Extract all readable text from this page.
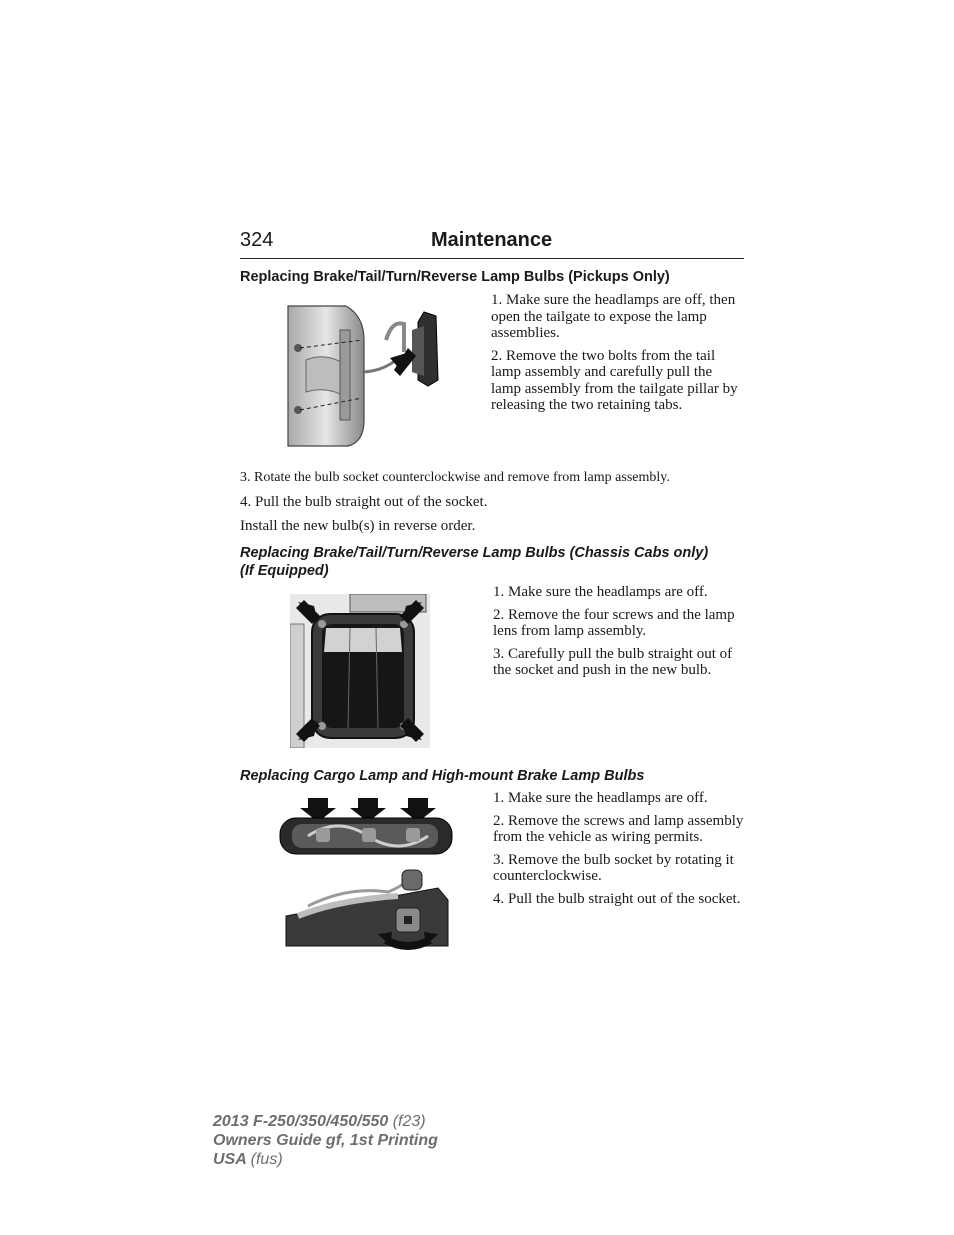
324	Maintenance
Replacing Brake/Tail/Turn/Reverse Lamp Bulbs (Pickups Only)

1. Make sure the headlamps are off, then open the tailgate to expose the lamp assemblies.

2. Remove the two bolts from the tail lamp assembly and carefully pull the lamp assembly from the tailgate pillar by releasing the two retaining tabs.

3. Rotate the bulb socket counterclockwise and remove from lamp assembly.
4. Pull the bulb straight out of the socket.
Install the new bulb(s) in reverse order.
Replacing Brake/Tail/Turn/Reverse Lamp Bulbs (Chassis Cabs only)
(If Equipped)

1. Make sure the headlamps are off.

2. Remove the four screws and the lamp lens from lamp assembly.

3. Carefully pull the bulb straight out of the socket and push in the new bulb.

Replacing Cargo Lamp and High-mount Brake Lamp Bulbs

1. Make sure the headlamps are off.

2. Remove the screws and lamp assembly from the vehicle as wiring permits.

3. Remove the bulb socket by rotating it counterclockwise.

4. Pull the bulb straight out of the socket.

2013 F-250/350/450/550 (f23)
Owners Guide gf, 1st Printing
USA (fus)
